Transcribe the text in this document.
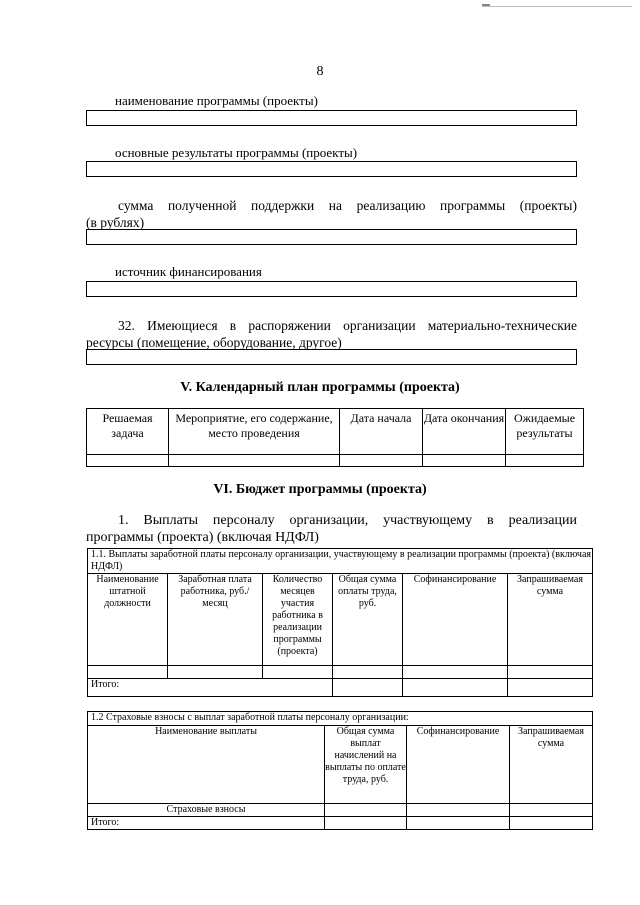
8
наименование программы (проекты)
основные результаты программы (проекты)
сумма полученной поддержки на реализацию программы (проекты)
(в рублях)
источник финансирования
32. Имеющиеся в распоряжении организации материально-технические
ресурсы (помещение, оборудование, другое)
V. Календарный план программы (проекта)
Решаемая задача	Мероприятие, его содержание, место проведения	Дата начала	Дата окончания	Ожидаемые результаты

VI. Бюджет программы (проекта)
1. Выплаты персоналу организации, участвующему в реализации
программы (проекта) (включая НДФЛ)
1.1. Выплаты заработной платы персоналу организации, участвующему в реализации программы (проекта) (включая НДФЛ)					
Наименование штатной должности	Заработная плата работника, руб./месяц	Количество месяцев участия работника в реализации программы (проекта)	Общая сумма оплаты труда, руб.	Софинансирование	Запрашиваемая сумма

Итого:					
1.2 Страховые взносы с выплат заработной платы персоналу организации:			
Наименование выплаты	Общая сумма выплат начислений на выплаты по оплате труда, руб.	Софинансирование	Запрашиваемая сумма
Страховые взносы			
Итого:			
